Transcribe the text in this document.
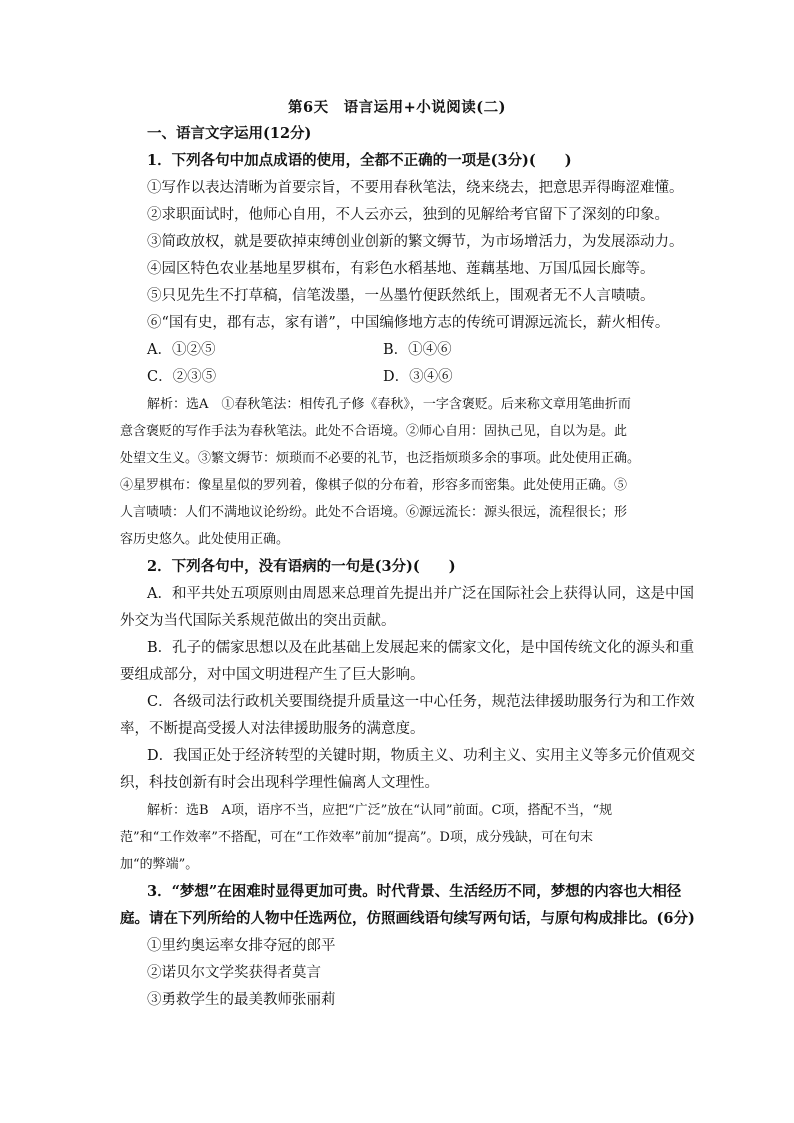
第6天　语言运用+小说阅读(二)
一、语言文字运用(12分)
1．下列各句中加点成语的使用，全都不正确的一项是(3分)(　　)
①写作以表达清晰为首要宗旨，不要用春秋笔法，绕来绕去，把意思弄得晦涩难懂。
②求职面试时，他师心自用，不人云亦云，独到的见解给考官留下了深刻的印象。
③简政放权，就是要砍掉束缚创业创新的繁文缛节，为市场增活力，为发展添动力。
④园区特色农业基地星罗棋布，有彩色水稻基地、莲藕基地、万国瓜园长廊等。
⑤只见先生不打草稿，信笔泼墨，一丛墨竹便跃然纸上，围观者无不人言啧啧。
⑥“国有史，郡有志，家有谱”，中国编修地方志的传统可谓源远流长，薪火相传。
A．①②⑤	B．①④⑥
C．②③⑤	D．③④⑥
解析：选A　①春秋笔法：相传孔子修《春秋》，一字含褒贬。后来称文章用笔曲折而
意含褒贬的写作手法为春秋笔法。此处不合语境。②师心自用：固执己见，自以为是。此
处望文生义。③繁文缛节：烦琐而不必要的礼节，也泛指烦琐多余的事项。此处使用正确。
④星罗棋布：像星星似的罗列着，像棋子似的分布着，形容多而密集。此处使用正确。⑤
人言啧啧：人们不满地议论纷纷。此处不合语境。⑥源远流长：源头很远，流程很长；形
容历史悠久。此处使用正确。
2．下列各句中，没有语病的一句是(3分)(　　)
A．和平共处五项原则由周恩来总理首先提出并广泛在国际社会上获得认同，这是中国
外交为当代国际关系规范做出的突出贡献。
B．孔子的儒家思想以及在此基础上发展起来的儒家文化，是中国传统文化的源头和重
要组成部分，对中国文明进程产生了巨大影响。
C．各级司法行政机关要围绕提升质量这一中心任务，规范法律援助服务行为和工作效
率，不断提高受援人对法律援助服务的满意度。
D．我国正处于经济转型的关键时期，物质主义、功利主义、实用主义等多元价值观交
织，科技创新有时会出现科学理性偏离人文理性。
解析：选B　A项，语序不当，应把“广泛”放在“认同”前面。C项，搭配不当，“规
范”和“工作效率”不搭配，可在“工作效率”前加“提高”。D项，成分残缺，可在句末
加“的弊端”。
3．“梦想”在困难时显得更加可贵。时代背景、生活经历不同，梦想的内容也大相径
庭。请在下列所给的人物中任选两位，仿照画线语句续写两句话，与原句构成排比。(6分)
①里约奥运率女排夺冠的郎平
②诺贝尔文学奖获得者莫言
③勇救学生的最美教师张丽莉
